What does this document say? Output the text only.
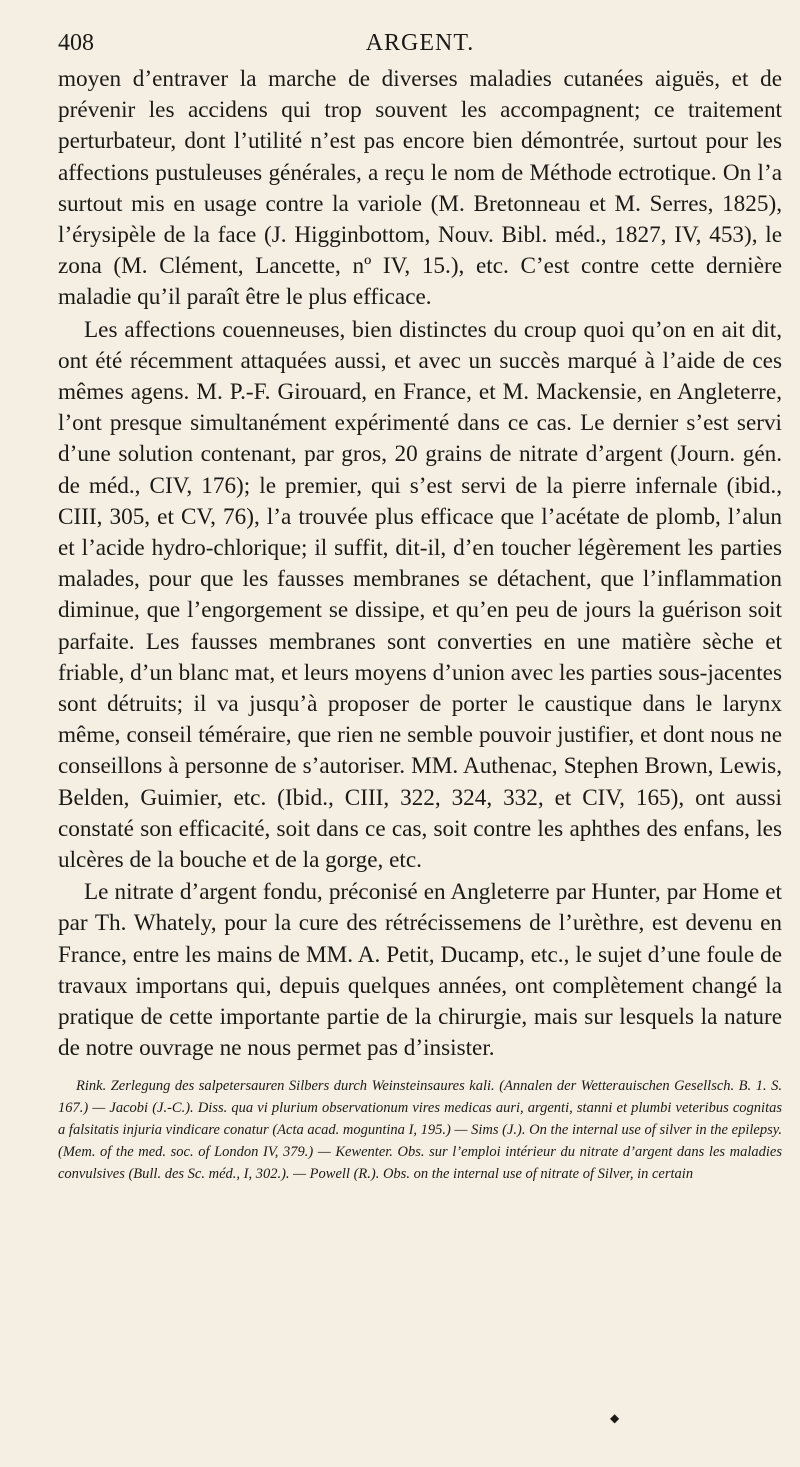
408	ARGENT.

moyen d’entraver la marche de diverses maladies cutanées aiguës, et de prévenir les accidens qui trop souvent les accompagnent; ce traitement perturbateur, dont l’utilité n’est pas encore bien démontrée, surtout pour les affections pustuleuses générales, a reçu le nom de Méthode ectrotique. On l’a surtout mis en usage contre la variole (M. Bretonneau et M. Serres, 1825), l’érysipèle de la face (J. Higginbottom, Nouv. Bibl. méd., 1827, IV, 453), le zona (M. Clément, Lancette, nº IV, 15.), etc. C’est contre cette dernière maladie qu’il paraît être le plus efficace.

Les affections couenneuses, bien distinctes du croup quoi qu’on en ait dit, ont été récemment attaquées aussi, et avec un succès marqué à l’aide de ces mêmes agens. M. P.-F. Girouard, en France, et M. Mackensie, en Angleterre, l’ont presque simultanément expérimenté dans ce cas. Le dernier s’est servi d’une solution contenant, par gros, 20 grains de nitrate d’argent (Journ. gén. de méd., CIV, 176); le premier, qui s’est servi de la pierre infernale (ibid., CIII, 305, et CV, 76), l’a trouvée plus efficace que l’acétate de plomb, l’alun et l’acide hydro-chlorique; il suffit, dit-il, d’en toucher légèrement les parties malades, pour que les fausses membranes se détachent, que l’inflammation diminue, que l’engorgement se dissipe, et qu’en peu de jours la guérison soit parfaite. Les fausses membranes sont converties en une matière sèche et friable, d’un blanc mat, et leurs moyens d’union avec les parties sous-jacentes sont détruits; il va jusqu’à proposer de porter le caustique dans le larynx même, conseil téméraire, que rien ne semble pouvoir justifier, et dont nous ne conseillons à personne de s’autoriser. MM. Authenac, Stephen Brown, Lewis, Belden, Guimier, etc. (Ibid., CIII, 322, 324, 332, et CIV, 165), ont aussi constaté son efficacité, soit dans ce cas, soit contre les aphthes des enfans, les ulcères de la bouche et de la gorge, etc.

Le nitrate d’argent fondu, préconisé en Angleterre par Hunter, par Home et par Th. Whately, pour la cure des rétrécissemens de l’urèthre, est devenu en France, entre les mains de MM. A. Petit, Ducamp, etc., le sujet d’une foule de travaux importans qui, depuis quelques années, ont complètement changé la pratique de cette importante partie de la chirurgie, mais sur lesquels la nature de notre ouvrage ne nous permet pas d’insister.

Rink. Zerlegung des salpetersauren Silbers durch Weinsteinsaures kali. (Annalen der Wetterauischen Gesellsch. B. 1. S. 167.) — Jacobi (J.-C.). Diss. qua vi plurium observationum vires medicas auri, argenti, stanni et plumbi veteribus cognitas a falsitatis injuria vindicare conatur (Acta acad. moguntina I, 195.) — Sims (J.). On the internal use of silver in the epilepsy. (Mem. of the med. soc. of London IV, 379.) — Kewenter. Obs. sur l’emploi intérieur du nitrate d’argent dans les maladies convulsives (Bull. des Sc. méd., I, 302.). — Powell (R.). Obs. on the internal use of nitrate of Silver, in certain

◆
